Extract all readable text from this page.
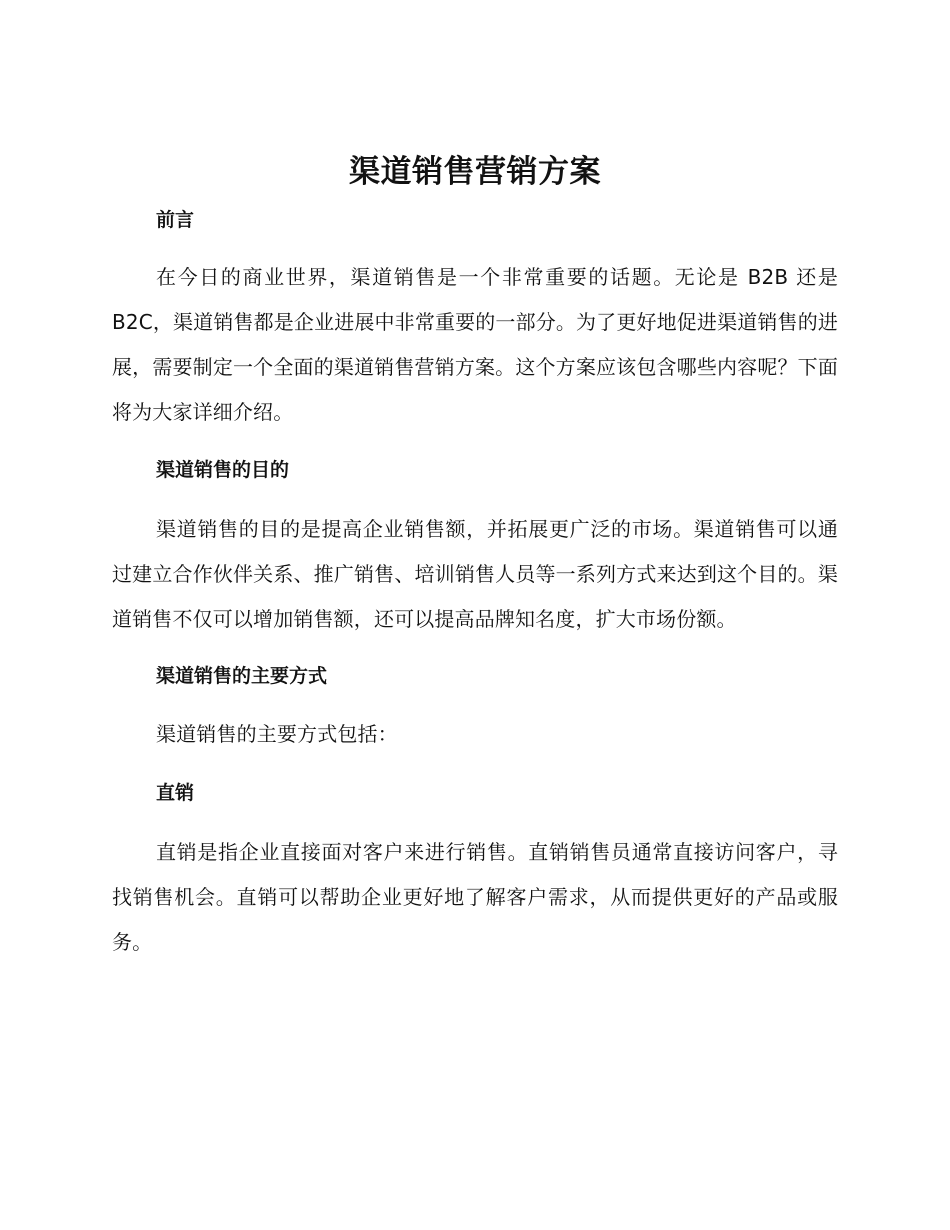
渠道销售营销方案
前言

在今日的商业世界，渠道销售是一个非常重要的话题。无论是 B2B 还是 B2C，渠道销售都是企业进展中非常重要的一部分。为了更好地促进渠道销售的进展，需要制定一个全面的渠道销售营销方案。这个方案应该包含哪些内容呢？下面将为大家详细介绍。

渠道销售的目的

渠道销售的目的是提高企业销售额，并拓展更广泛的市场。渠道销售可以通过建立合作伙伴关系、推广销售、培训销售人员等一系列方式来达到这个目的。渠道销售不仅可以增加销售额，还可以提高品牌知名度，扩大市场份额。

渠道销售的主要方式

渠道销售的主要方式包括：

直销

直销是指企业直接面对客户来进行销售。直销销售员通常直接访问客户，寻找销售机会。直销可以帮助企业更好地了解客户需求，从而提供更好的产品或服务。
